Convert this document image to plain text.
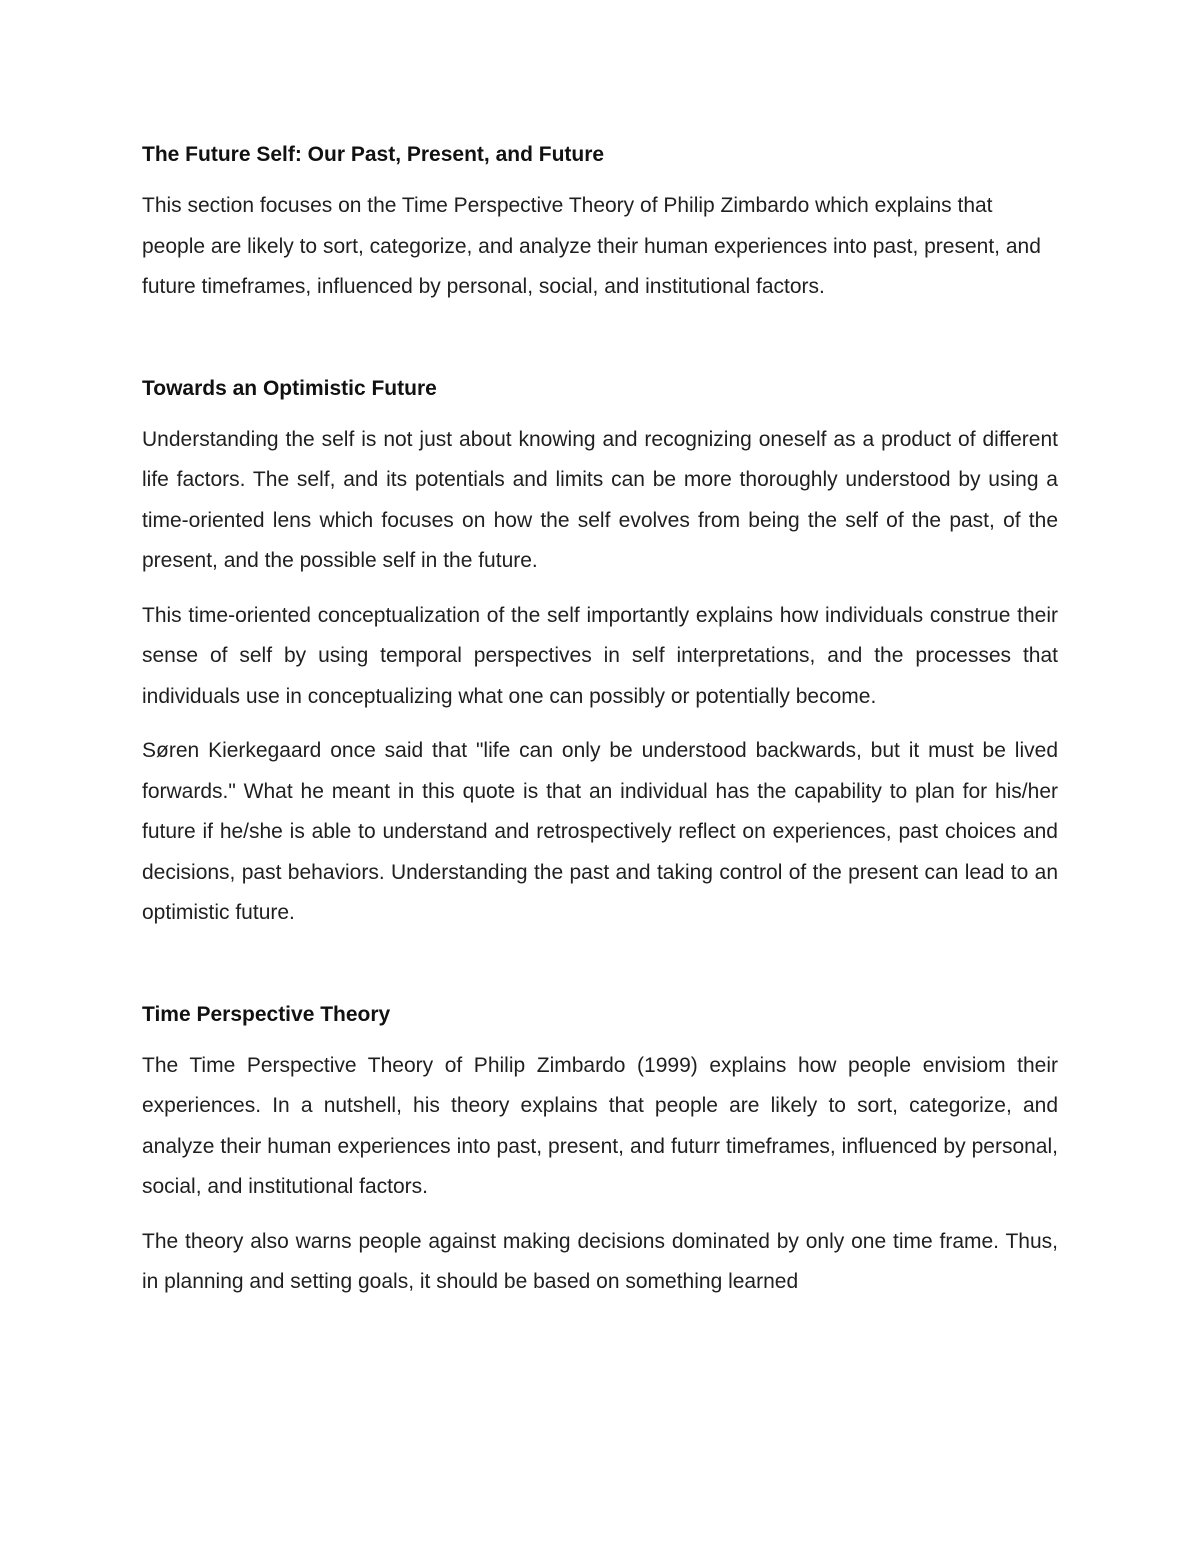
The Future Self: Our Past, Present, and Future

This section focuses on the Time Perspective Theory of Philip Zimbardo which explains that people are likely to sort, categorize, and analyze their human experiences into past, present, and future timeframes, influenced by personal, social, and institutional factors.

Towards an Optimistic Future

Understanding the self is not just about knowing and recognizing oneself as a product of different life factors. The self, and its potentials and limits can be more thoroughly understood by using a time-oriented lens which focuses on how the self evolves from being the self of the past, of the present, and the possible self in the future.

This time-oriented conceptualization of the self importantly explains how individuals construe their sense of self by using temporal perspectives in self interpretations, and the processes that individuals use in conceptualizing what one can possibly or potentially become.

Søren Kierkegaard once said that "life can only be understood backwards, but it must be lived forwards." What he meant in this quote is that an individual has the capability to plan for his/her future if he/she is able to understand and retrospectively reflect on experiences, past choices and decisions, past behaviors. Understanding the past and taking control of the present can lead to an optimistic future.

Time Perspective Theory

The Time Perspective Theory of Philip Zimbardo (1999) explains how people envisiom their experiences. In a nutshell, his theory explains that people are likely to sort, categorize, and analyze their human experiences into past, present, and futurr timeframes, influenced by personal, social, and institutional factors.

The theory also warns people against making decisions dominated by only one time frame. Thus, in planning and setting goals, it should be based on something learned
